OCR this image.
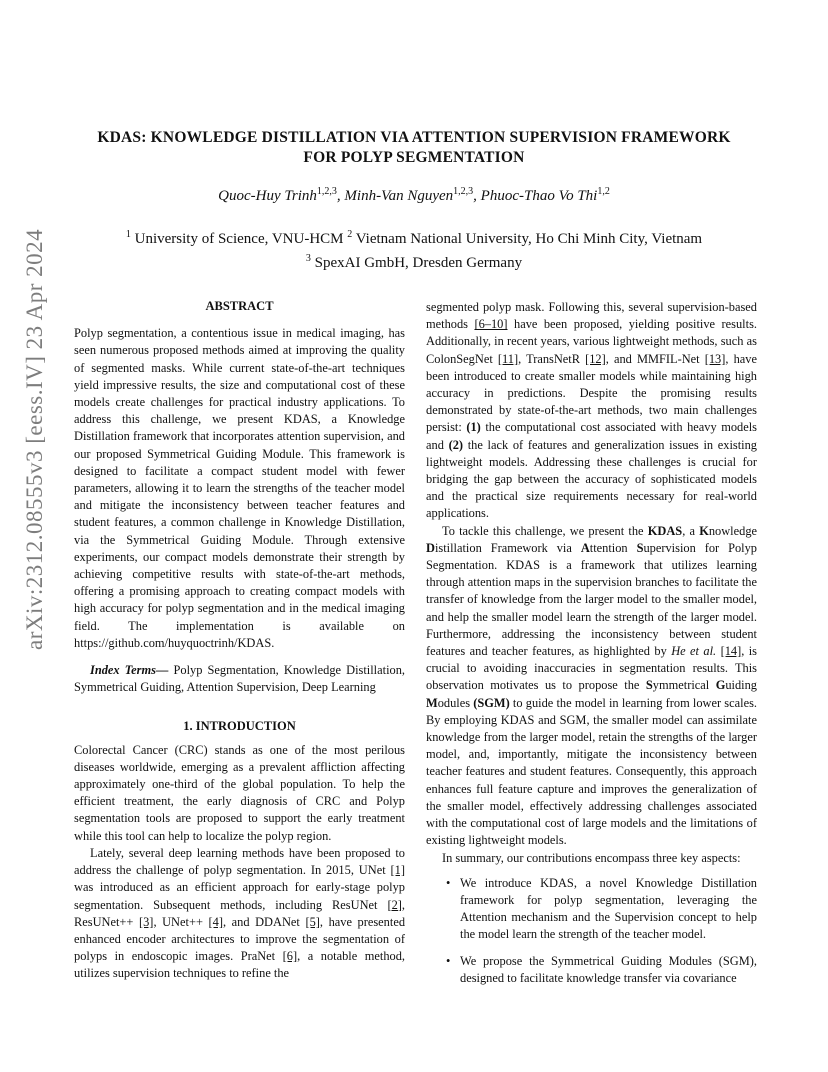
arXiv:2312.08555v3 [eess.IV] 23 Apr 2024
KDAS: KNOWLEDGE DISTILLATION VIA ATTENTION SUPERVISION FRAMEWORK
FOR POLYP SEGMENTATION
Quoc-Huy Trinh$^{1,2,3}$, Minh-Van Nguyen$^{1,2,3}$, Phuoc-Thao Vo Thi$^{1,2}$
$^1$ University of Science, VNU-HCM $^2$ Vietnam National University, Ho Chi Minh City, Vietnam
$^3$ SpexAI GmbH, Dresden Germany
ABSTRACT

Polyp segmentation, a contentious issue in medical imaging, has seen numerous proposed methods aimed at improving the quality of segmented masks. While current state-of-the-art techniques yield impressive results, the size and computational cost of these models create challenges for practical industry applications. To address this challenge, we present KDAS, a Knowledge Distillation framework that incorporates attention supervision, and our proposed Symmetrical Guiding Module. This framework is designed to facilitate a compact student model with fewer parameters, allowing it to learn the strengths of the teacher model and mitigate the inconsistency between teacher features and student features, a common challenge in Knowledge Distillation, via the Symmetrical Guiding Module. Through extensive experiments, our compact models demonstrate their strength by achieving competitive results with state-of-the-art methods, offering a promising approach to creating compact models with high accuracy for polyp segmentation and in the medical imaging field. The implementation is available on https://github.com/huyquoctrinh/KDAS.

Index Terms— Polyp Segmentation, Knowledge Distillation, Symmetrical Guiding, Attention Supervision, Deep Learning

1. INTRODUCTION

Colorectal Cancer (CRC) stands as one of the most perilous diseases worldwide, emerging as a prevalent affliction affecting approximately one-third of the global population. To help the efficient treatment, the early diagnosis of CRC and Polyp segmentation tools are proposed to support the early treatment while this tool can help to localize the polyp region.

Lately, several deep learning methods have been proposed to address the challenge of polyp segmentation. In 2015, UNet [1] was introduced as an efficient approach for early-stage polyp segmentation. Subsequent methods, including ResUNet [2], ResUNet++ [3], UNet++ [4], and DDANet [5], have presented enhanced encoder architectures to improve the segmentation of polyps in endoscopic images. PraNet [6], a notable method, utilizes supervision techniques to refine the

segmented polyp mask. Following this, several supervision-based methods [6–10] have been proposed, yielding positive results. Additionally, in recent years, various lightweight methods, such as ColonSegNet [11], TransNetR [12], and MMFIL-Net [13], have been introduced to create smaller models while maintaining high accuracy in predictions. Despite the promising results demonstrated by state-of-the-art methods, two main challenges persist: (1) the computational cost associated with heavy models and (2) the lack of features and generalization issues in existing lightweight models. Addressing these challenges is crucial for bridging the gap between the accuracy of sophisticated models and the practical size requirements necessary for real-world applications.

To tackle this challenge, we present the KDAS, a Knowledge Distillation Framework via Attention Supervision for Polyp Segmentation. KDAS is a framework that utilizes learning through attention maps in the supervision branches to facilitate the transfer of knowledge from the larger model to the smaller model, and help the smaller model learn the strength of the larger model. Furthermore, addressing the inconsistency between student features and teacher features, as highlighted by He et al. [14], is crucial to avoiding inaccuracies in segmentation results. This observation motivates us to propose the Symmetrical Guiding Modules (SGM) to guide the model in learning from lower scales. By employing KDAS and SGM, the smaller model can assimilate knowledge from the larger model, retain the strengths of the larger model, and, importantly, mitigate the inconsistency between teacher features and student features. Consequently, this approach enhances full feature capture and improves the generalization of the smaller model, effectively addressing challenges associated with the computational cost of large models and the limitations of existing lightweight models.

In summary, our contributions encompass three key aspects:

• We introduce KDAS, a novel Knowledge Distillation framework for polyp segmentation, leveraging the Attention mechanism and the Supervision concept to help the model learn the strength of the teacher model.
• We propose the Symmetrical Guiding Modules (SGM), designed to facilitate knowledge transfer via covariance
